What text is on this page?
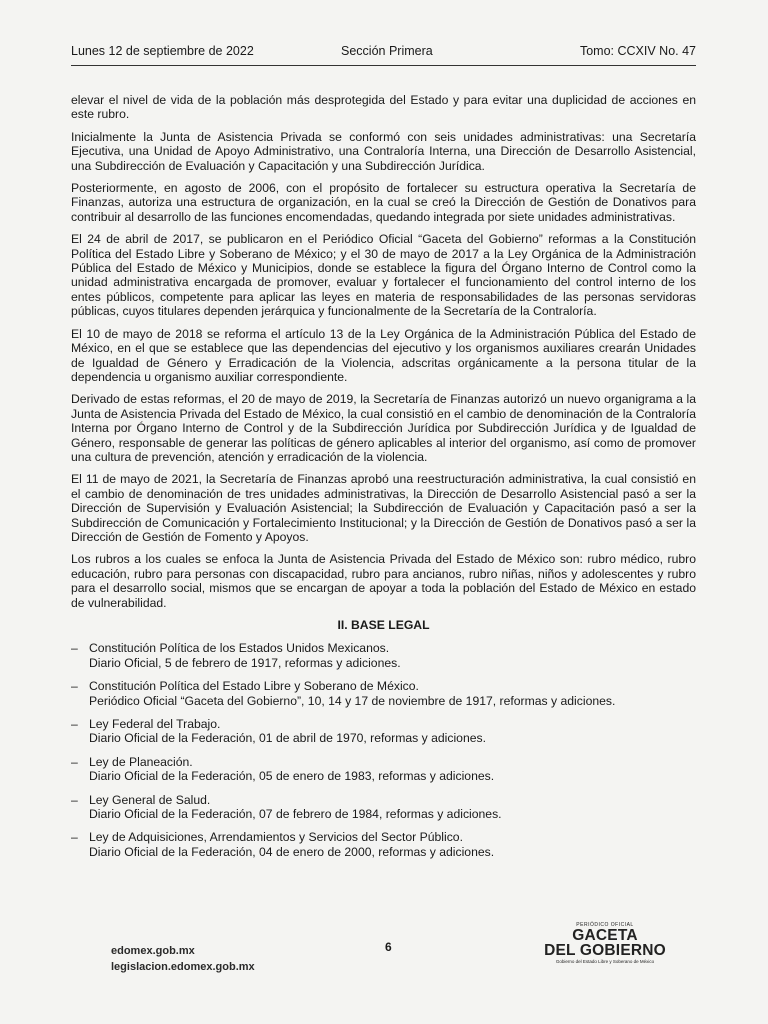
Lunes 12 de septiembre de 2022	Sección Primera	Tomo: CCXIV No. 47

elevar el nivel de vida de la población más desprotegida del Estado y para evitar una duplicidad de acciones en este rubro.

Inicialmente la Junta de Asistencia Privada se conformó con seis unidades administrativas: una Secretaría Ejecutiva, una Unidad de Apoyo Administrativo, una Contraloría Interna, una Dirección de Desarrollo Asistencial, una Subdirección de Evaluación y Capacitación y una Subdirección Jurídica.

Posteriormente, en agosto de 2006, con el propósito de fortalecer su estructura operativa la Secretaría de Finanzas, autoriza una estructura de organización, en la cual se creó la Dirección de Gestión de Donativos para contribuir al desarrollo de las funciones encomendadas, quedando integrada por siete unidades administrativas.

El 24 de abril de 2017, se publicaron en el Periódico Oficial “Gaceta del Gobierno” reformas a la Constitución Política del Estado Libre y Soberano de México; y el 30 de mayo de 2017 a la Ley Orgánica de la Administración Pública del Estado de México y Municipios, donde se establece la figura del Órgano Interno de Control como la unidad administrativa encargada de promover, evaluar y fortalecer el funcionamiento del control interno de los entes públicos, competente para aplicar las leyes en materia de responsabilidades de las personas servidoras públicas, cuyos titulares dependen jerárquica y funcionalmente de la Secretaría de la Contraloría.

El 10 de mayo de 2018 se reforma el artículo 13 de la Ley Orgánica de la Administración Pública del Estado de México, en el que se establece que las dependencias del ejecutivo y los organismos auxiliares crearán Unidades de Igualdad de Género y Erradicación de la Violencia, adscritas orgánicamente a la persona titular de la dependencia u organismo auxiliar correspondiente.

Derivado de estas reformas, el 20 de mayo de 2019, la Secretaría de Finanzas autorizó un nuevo organigrama a la Junta de Asistencia Privada del Estado de México, la cual consistió en el cambio de denominación de la Contraloría Interna por Órgano Interno de Control y de la Subdirección Jurídica por Subdirección Jurídica y de Igualdad de Género, responsable de generar las políticas de género aplicables al interior del organismo, así como de promover una cultura de prevención, atención y erradicación de la violencia.

El 11 de mayo de 2021, la Secretaría de Finanzas aprobó una reestructuración administrativa, la cual consistió en el cambio de denominación de tres unidades administrativas, la Dirección de Desarrollo Asistencial pasó a ser la Dirección de Supervisión y Evaluación Asistencial; la Subdirección de Evaluación y Capacitación pasó a ser la Subdirección de Comunicación y Fortalecimiento Institucional; y la Dirección de Gestión de Donativos pasó a ser la Dirección de Gestión de Fomento y Apoyos.

Los rubros a los cuales se enfoca la Junta de Asistencia Privada del Estado de México son: rubro médico, rubro educación, rubro para personas con discapacidad, rubro para ancianos, rubro niñas, niños y adolescentes y rubro para el desarrollo social, mismos que se encargan de apoyar a toda la población del Estado de México en estado de vulnerabilidad.

II. BASE LEGAL
– Constitución Política de los Estados Unidos Mexicanos.
Diario Oficial, 5 de febrero de 1917, reformas y adiciones.
– Constitución Política del Estado Libre y Soberano de México.
Periódico Oficial “Gaceta del Gobierno”, 10, 14 y 17 de noviembre de 1917, reformas y adiciones.
– Ley Federal del Trabajo.
Diario Oficial de la Federación, 01 de abril de 1970, reformas y adiciones.
– Ley de Planeación.
Diario Oficial de la Federación, 05 de enero de 1983, reformas y adiciones.
– Ley General de Salud.
Diario Oficial de la Federación, 07 de febrero de 1984, reformas y adiciones.
– Ley de Adquisiciones, Arrendamientos y Servicios del Sector Público.
Diario Oficial de la Federación, 04 de enero de 2000, reformas y adiciones.
edomex.gob.mx
legislacion.edomex.gob.mx
6
PERIÓDICO OFICIAL
GACETA
DEL GOBIERNO
Gobierno del Estado Libre y Soberano de México
